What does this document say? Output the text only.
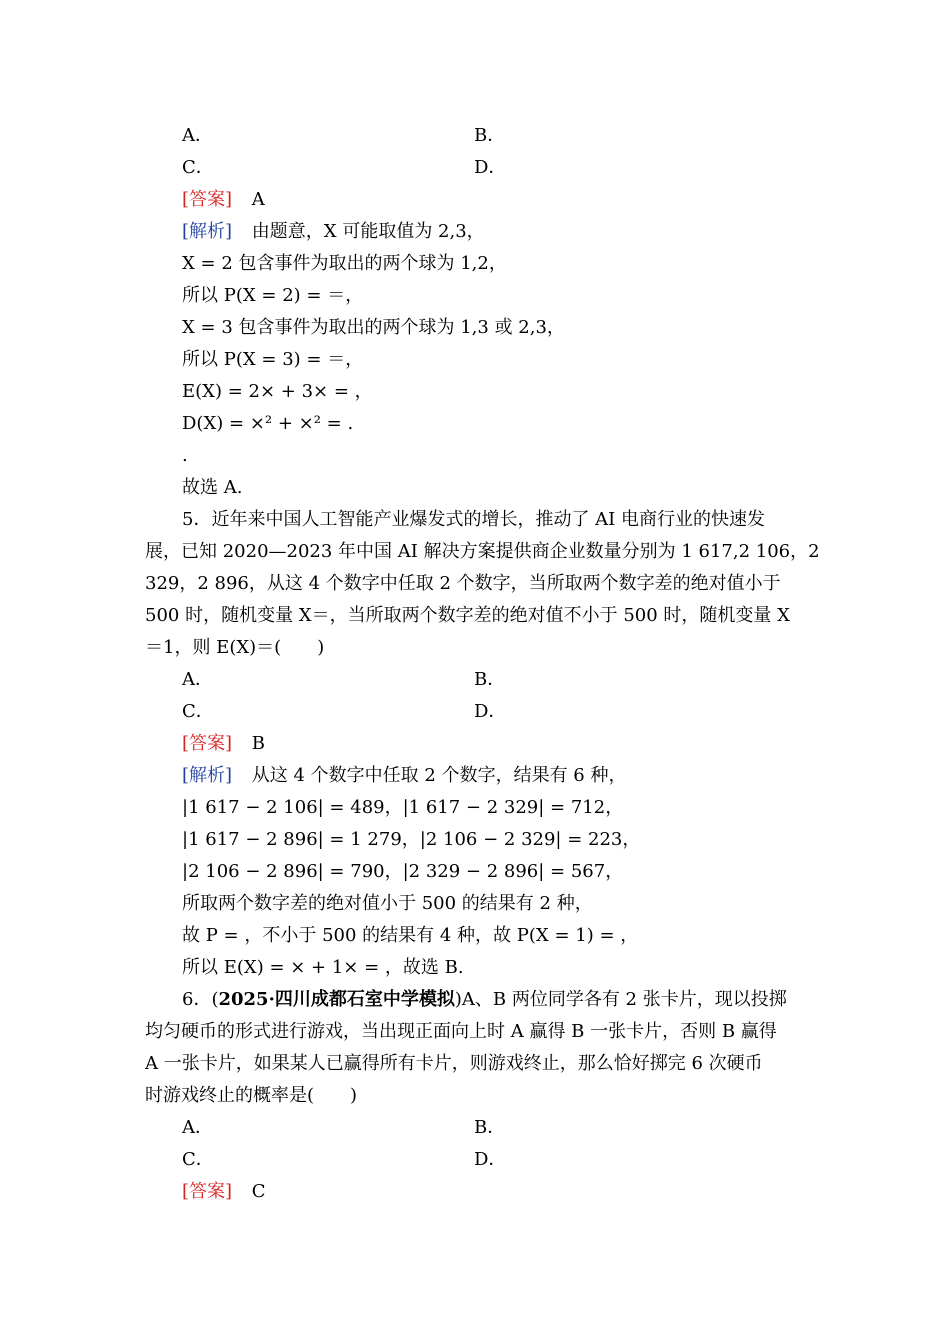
A．	B．
C．	D．
[答案] A
[解析] 由题意，X 可能取值为 2,3，
X = 2 包含事件为取出的两个球为 1,2，
所以 P(X = 2) = ＝，
X = 3 包含事件为取出的两个球为 1,3 或 2,3，
所以 P(X = 3) = ＝，
E(X) = 2× + 3× = ，
D(X) = ×² + ×² = .
.
故选 A.
5．近年来中国人工智能产业爆发式的增长，推动了 AI 电商行业的快速发
展，已知 2020—2023 年中国 AI 解决方案提供商企业数量分别为 1 617,2 106，2
329，2 896，从这 4 个数字中任取 2 个数字，当所取两个数字差的绝对值小于
500 时，随机变量 X＝，当所取两个数字差的绝对值不小于 500 时，随机变量 X
＝1，则 E(X)＝(　　)
A．	B．
C．	D．
[答案] B
[解析] 从这 4 个数字中任取 2 个数字，结果有 6 种，
|1 617 − 2 106| = 489，|1 617 − 2 329| = 712，
|1 617 − 2 896| = 1 279，|2 106 − 2 329| = 223，
|2 106 − 2 896| = 790，|2 329 − 2 896| = 567，
所取两个数字差的绝对值小于 500 的结果有 2 种，
故 P = ，不小于 500 的结果有 4 种，故 P(X = 1) = ，
所以 E(X) = × + 1× = ，故选 B.
6．(2025·四川成都石室中学模拟)A、B 两位同学各有 2 张卡片，现以投掷
均匀硬币的形式进行游戏，当出现正面向上时 A 赢得 B 一张卡片，否则 B 赢得
A 一张卡片，如果某人已赢得所有卡片，则游戏终止，那么恰好掷完 6 次硬币
时游戏终止的概率是(　　)
A．	B．
C．	D．
[答案] C
